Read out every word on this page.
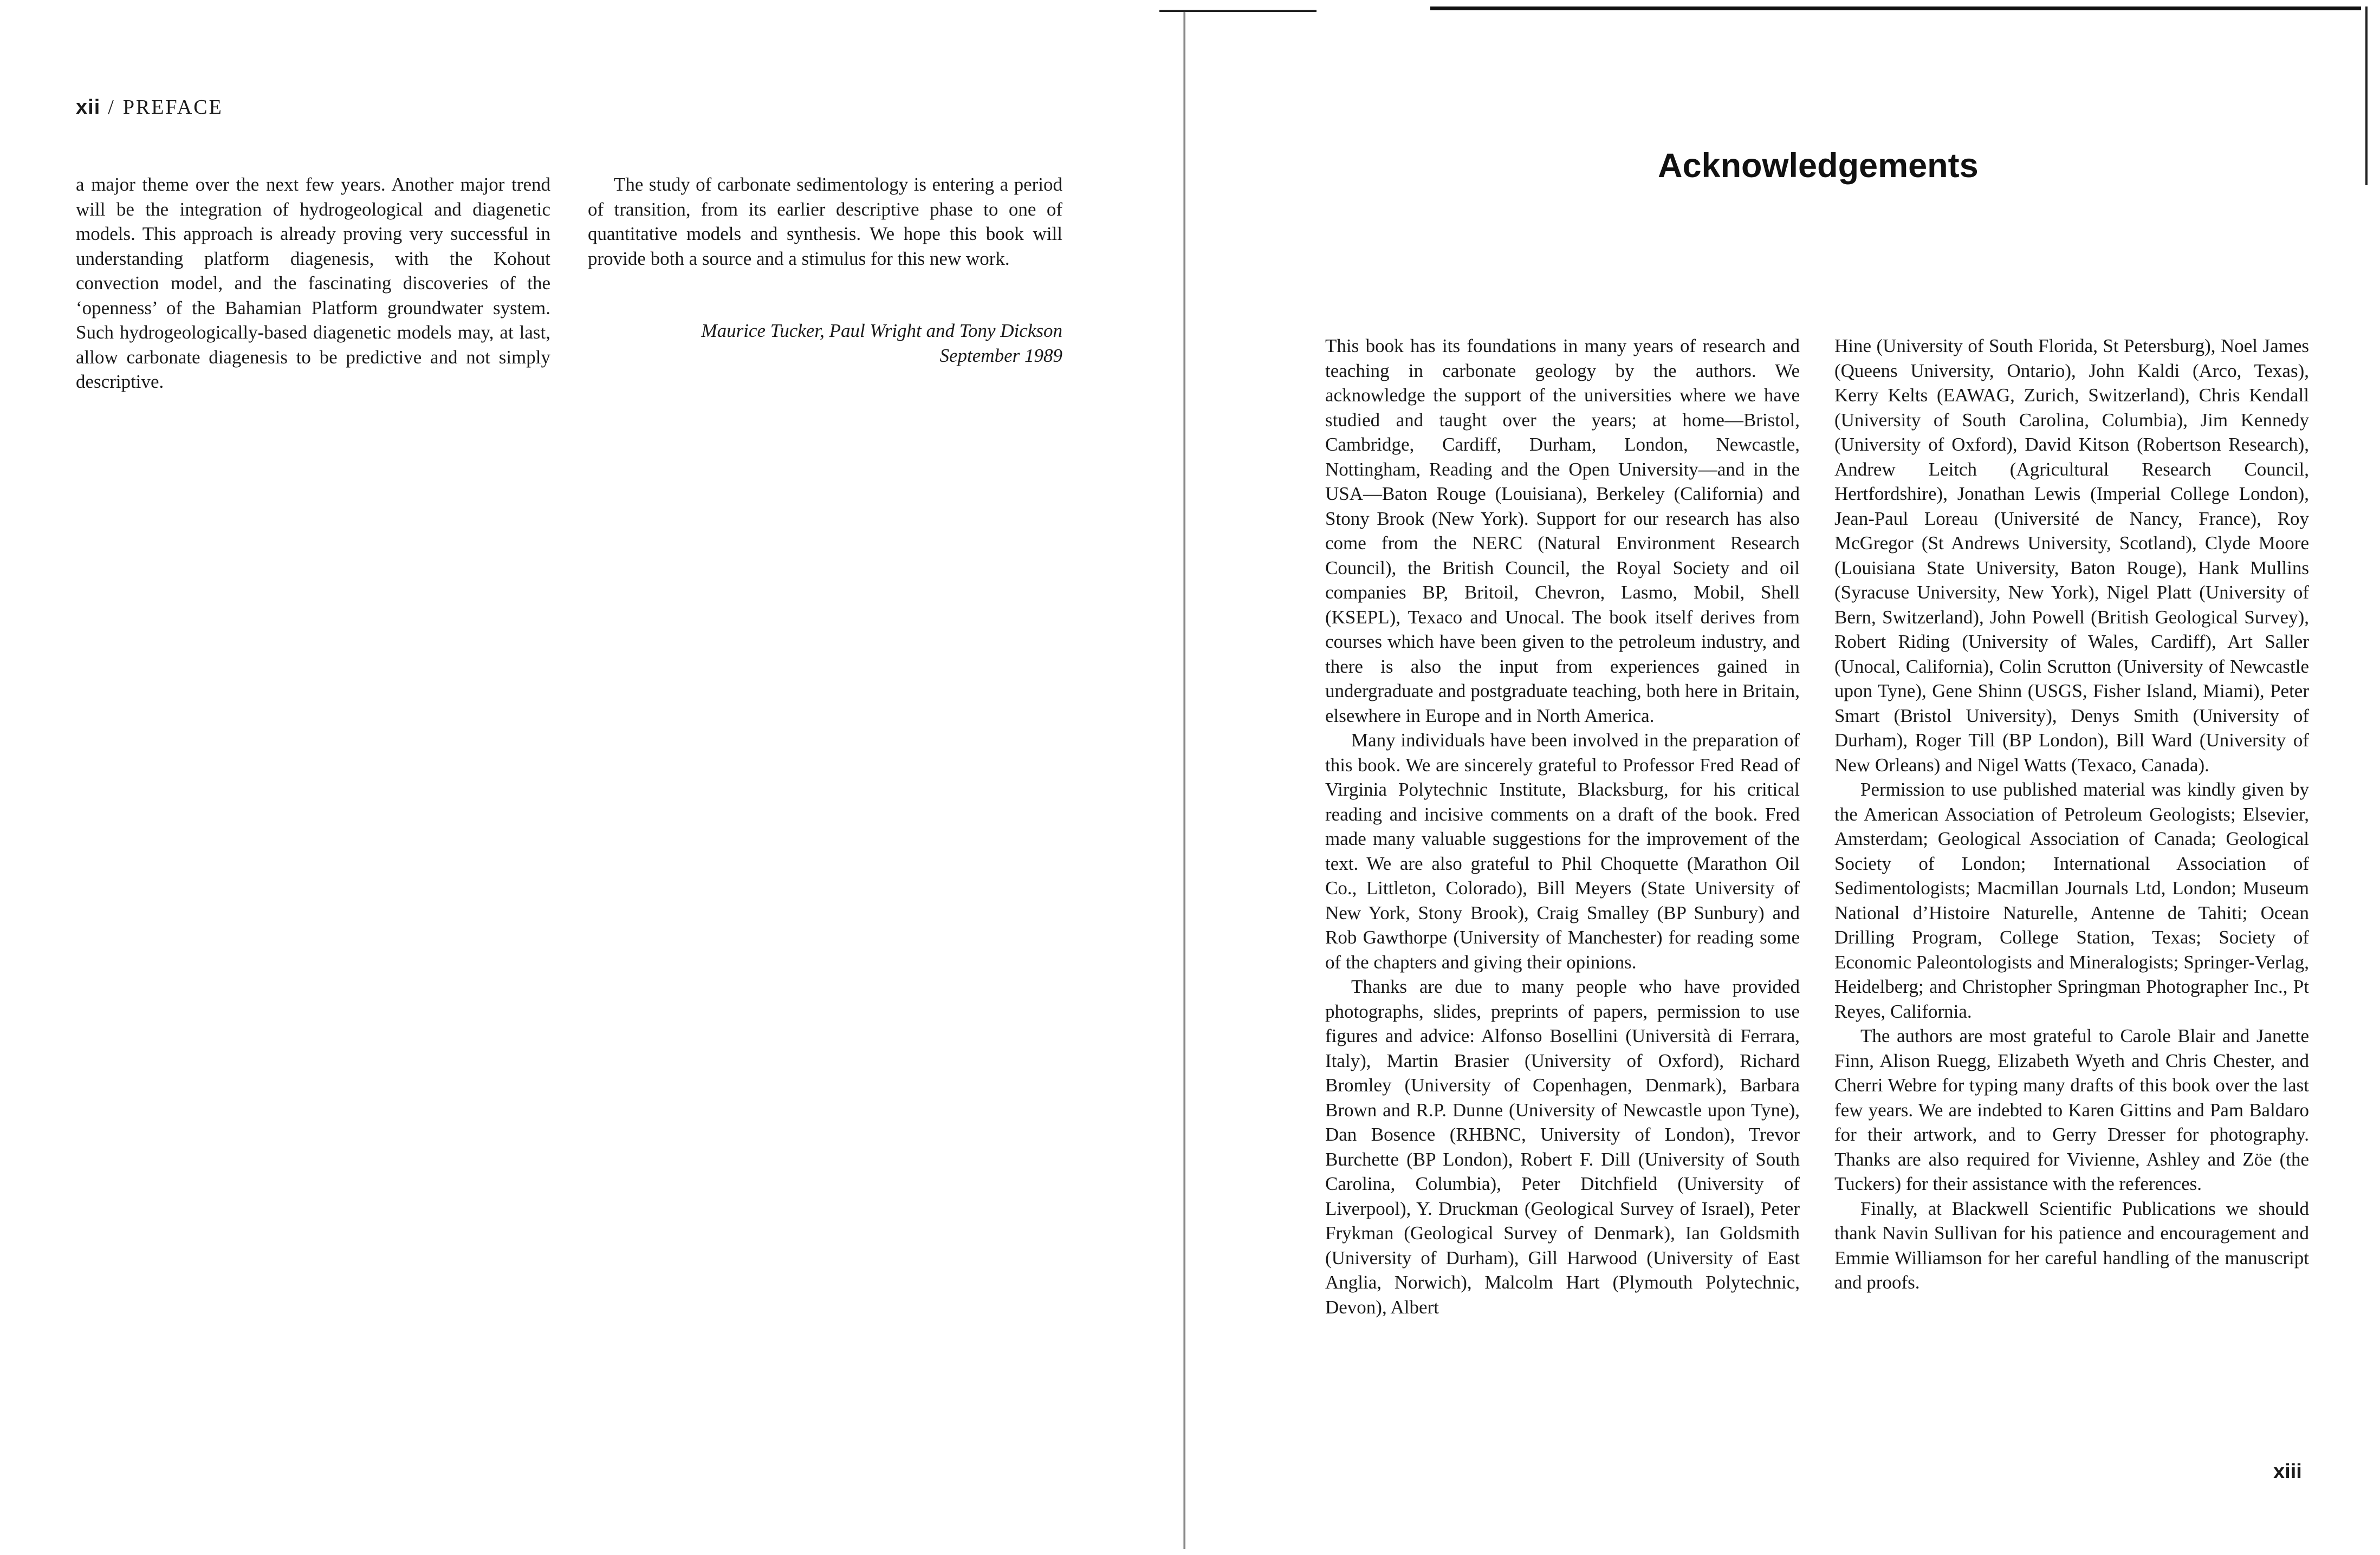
xii / PREFACE

a major theme over the next few years. Another major trend will be the integration of hydrogeological and diagenetic models. This approach is already proving very successful in understanding platform diagenesis, with the Kohout convection model, and the fascinating discoveries of the ‘openness’ of the Bahamian Platform groundwater system. Such hydrogeologically-based diagenetic models may, at last, allow carbonate diagenesis to be predictive and not simply descriptive.

The study of carbonate sedimentology is entering a period of transition, from its earlier descriptive phase to one of quantitative models and synthesis. We hope this book will provide both a source and a stimulus for this new work.

Maurice Tucker, Paul Wright and Tony Dickson
September 1989
Acknowledgements

This book has its foundations in many years of research and teaching in carbonate geology by the authors. We acknowledge the support of the universities where we have studied and taught over the years; at home—Bristol, Cambridge, Cardiff, Durham, London, Newcastle, Nottingham, Reading and the Open University—and in the USA—Baton Rouge (Louisiana), Berkeley (California) and Stony Brook (New York). Support for our research has also come from the NERC (Natural Environment Research Council), the British Council, the Royal Society and oil companies BP, Britoil, Chevron, Lasmo, Mobil, Shell (KSEPL), Texaco and Unocal. The book itself derives from courses which have been given to the petroleum industry, and there is also the input from experiences gained in undergraduate and postgraduate teaching, both here in Britain, elsewhere in Europe and in North America.

Many individuals have been involved in the preparation of this book. We are sincerely grateful to Professor Fred Read of Virginia Polytechnic Institute, Blacksburg, for his critical reading and incisive comments on a draft of the book. Fred made many valuable suggestions for the improvement of the text. We are also grateful to Phil Choquette (Marathon Oil Co., Littleton, Colorado), Bill Meyers (State University of New York, Stony Brook), Craig Smalley (BP Sunbury) and Rob Gawthorpe (University of Manchester) for reading some of the chapters and giving their opinions.

Thanks are due to many people who have provided photographs, slides, preprints of papers, permission to use figures and advice: Alfonso Bosellini (Università di Ferrara, Italy), Martin Brasier (University of Oxford), Richard Bromley (University of Copenhagen, Denmark), Barbara Brown and R.P. Dunne (University of Newcastle upon Tyne), Dan Bosence (RHBNC, University of London), Trevor Burchette (BP London), Robert F. Dill (University of South Carolina, Columbia), Peter Ditchfield (University of Liverpool), Y. Druckman (Geological Survey of Israel), Peter Frykman (Geological Survey of Denmark), Ian Goldsmith (University of Durham), Gill Harwood (University of East Anglia, Norwich), Malcolm Hart (Plymouth Polytechnic, Devon), Albert

Hine (University of South Florida, St Petersburg), Noel James (Queens University, Ontario), John Kaldi (Arco, Texas), Kerry Kelts (EAWAG, Zurich, Switzerland), Chris Kendall (University of South Carolina, Columbia), Jim Kennedy (University of Oxford), David Kitson (Robertson Research), Andrew Leitch (Agricultural Research Council, Hertfordshire), Jonathan Lewis (Imperial College London), Jean-Paul Loreau (Université de Nancy, France), Roy McGregor (St Andrews University, Scotland), Clyde Moore (Louisiana State University, Baton Rouge), Hank Mullins (Syracuse University, New York), Nigel Platt (University of Bern, Switzerland), John Powell (British Geological Survey), Robert Riding (University of Wales, Cardiff), Art Saller (Unocal, California), Colin Scrutton (University of Newcastle upon Tyne), Gene Shinn (USGS, Fisher Island, Miami), Peter Smart (Bristol University), Denys Smith (University of Durham), Roger Till (BP London), Bill Ward (University of New Orleans) and Nigel Watts (Texaco, Canada).

Permission to use published material was kindly given by the American Association of Petroleum Geologists; Elsevier, Amsterdam; Geological Association of Canada; Geological Society of London; International Association of Sedimentologists; Macmillan Journals Ltd, London; Museum National d’Histoire Naturelle, Antenne de Tahiti; Ocean Drilling Program, College Station, Texas; Society of Economic Paleontologists and Mineralogists; Springer-Verlag, Heidelberg; and Christopher Springman Photographer Inc., Pt Reyes, California.

The authors are most grateful to Carole Blair and Janette Finn, Alison Ruegg, Elizabeth Wyeth and Chris Chester, and Cherri Webre for typing many drafts of this book over the last few years. We are indebted to Karen Gittins and Pam Baldaro for their artwork, and to Gerry Dresser for photography. Thanks are also required for Vivienne, Ashley and Zöe (the Tuckers) for their assistance with the references.

Finally, at Blackwell Scientific Publications we should thank Navin Sullivan for his patience and encouragement and Emmie Williamson for her careful handling of the manuscript and proofs.

xiii
